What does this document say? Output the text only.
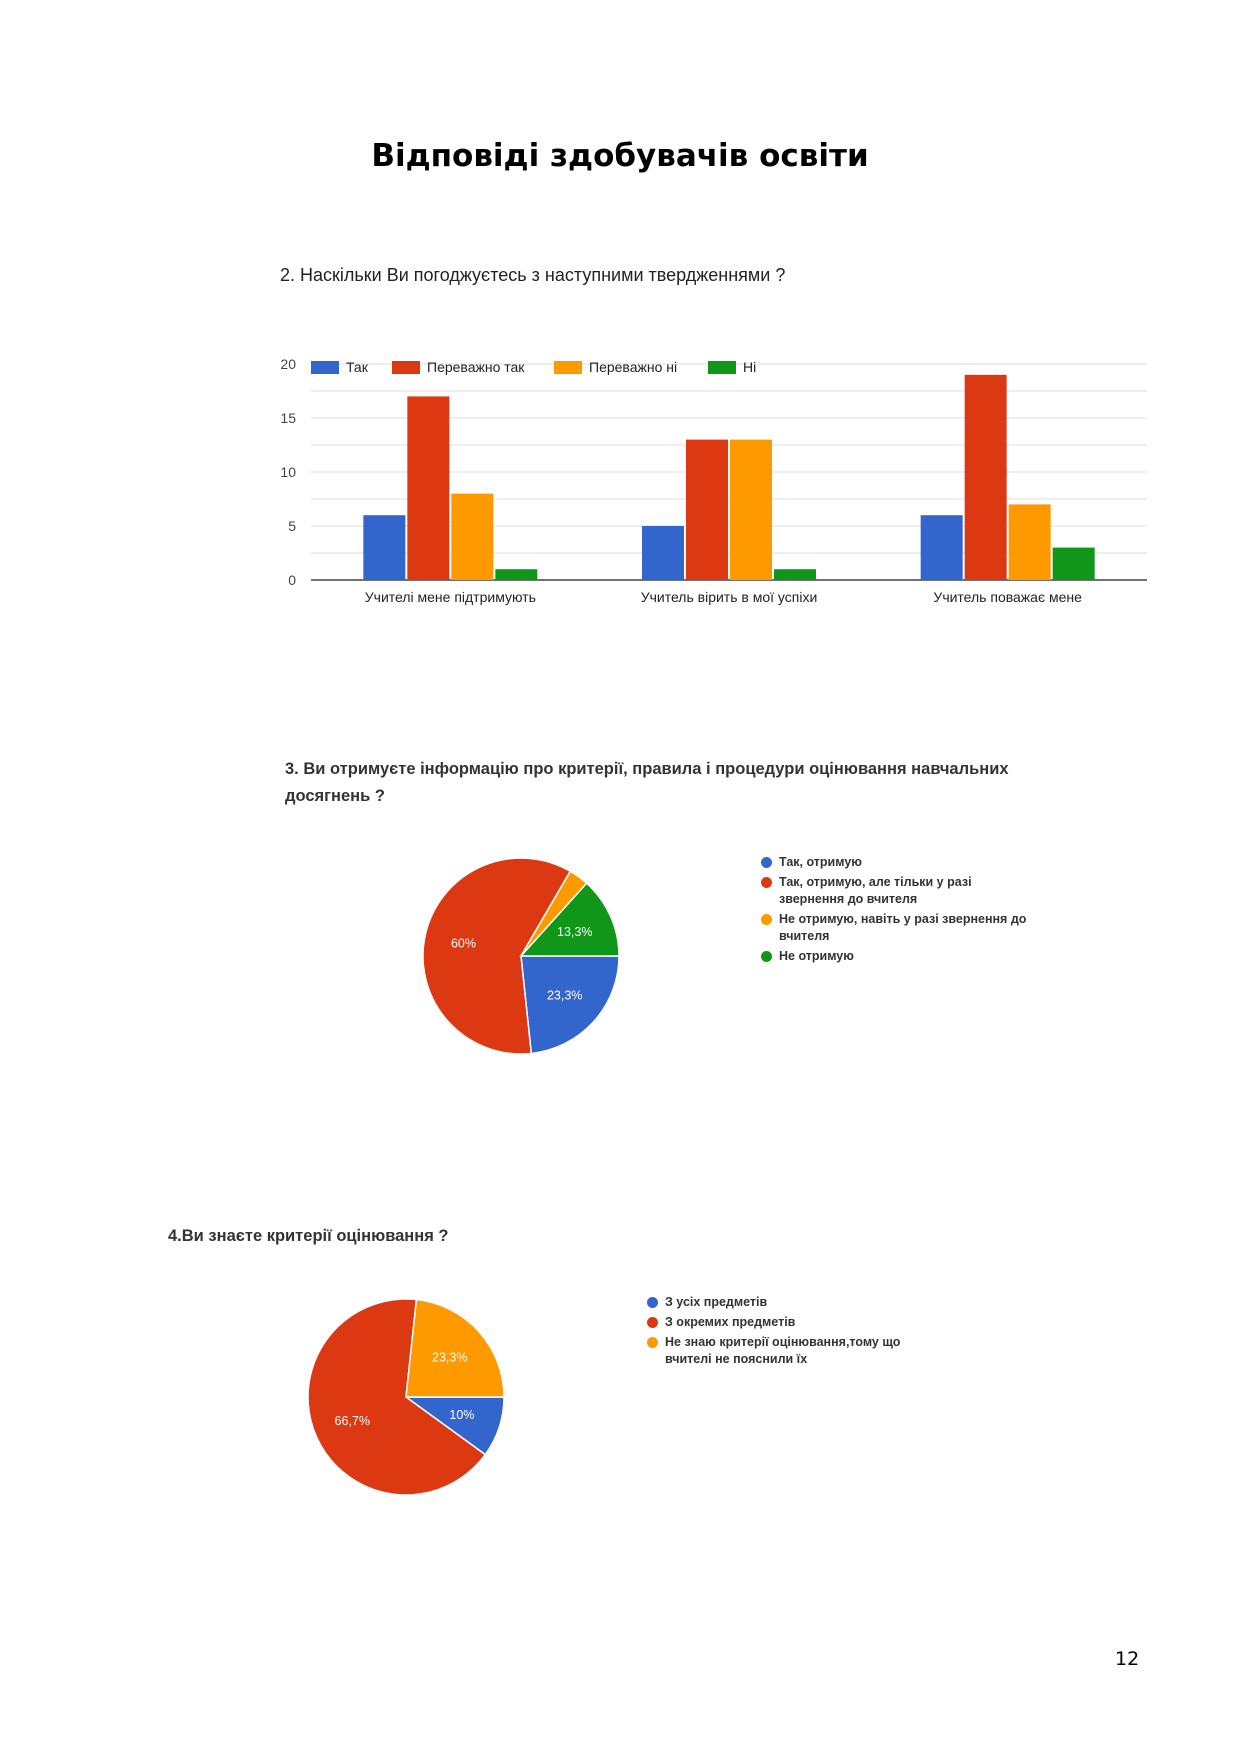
Відповіді здобувачів освіти
2. Наскільки Ви погоджуєтесь з наступними твердженнями ?
0
5
10
15
20
Учителі мене підтримують	Учитель вірить в мої успіхи	Учитель поважає мене
Так	Переважно так	Переважно ні	Ні
3. Ви отримуєте інформацію про критерії, правила і процедури оцінювання навчальних досягнень ?
23,3%
60%
13,3%
Так, отримую
Так, отримую, але тільки у разі звернення до вчителя
Не отримую, навіть у разі звернення до вчителя
Не отримую
4.Ви знаєте критерії оцінювання ?
10%
66,7%
23,3%
З усіх предметів
З окремих предметів
Не знаю критерії оцінювання,тому що вчителі не пояснили їх
12
